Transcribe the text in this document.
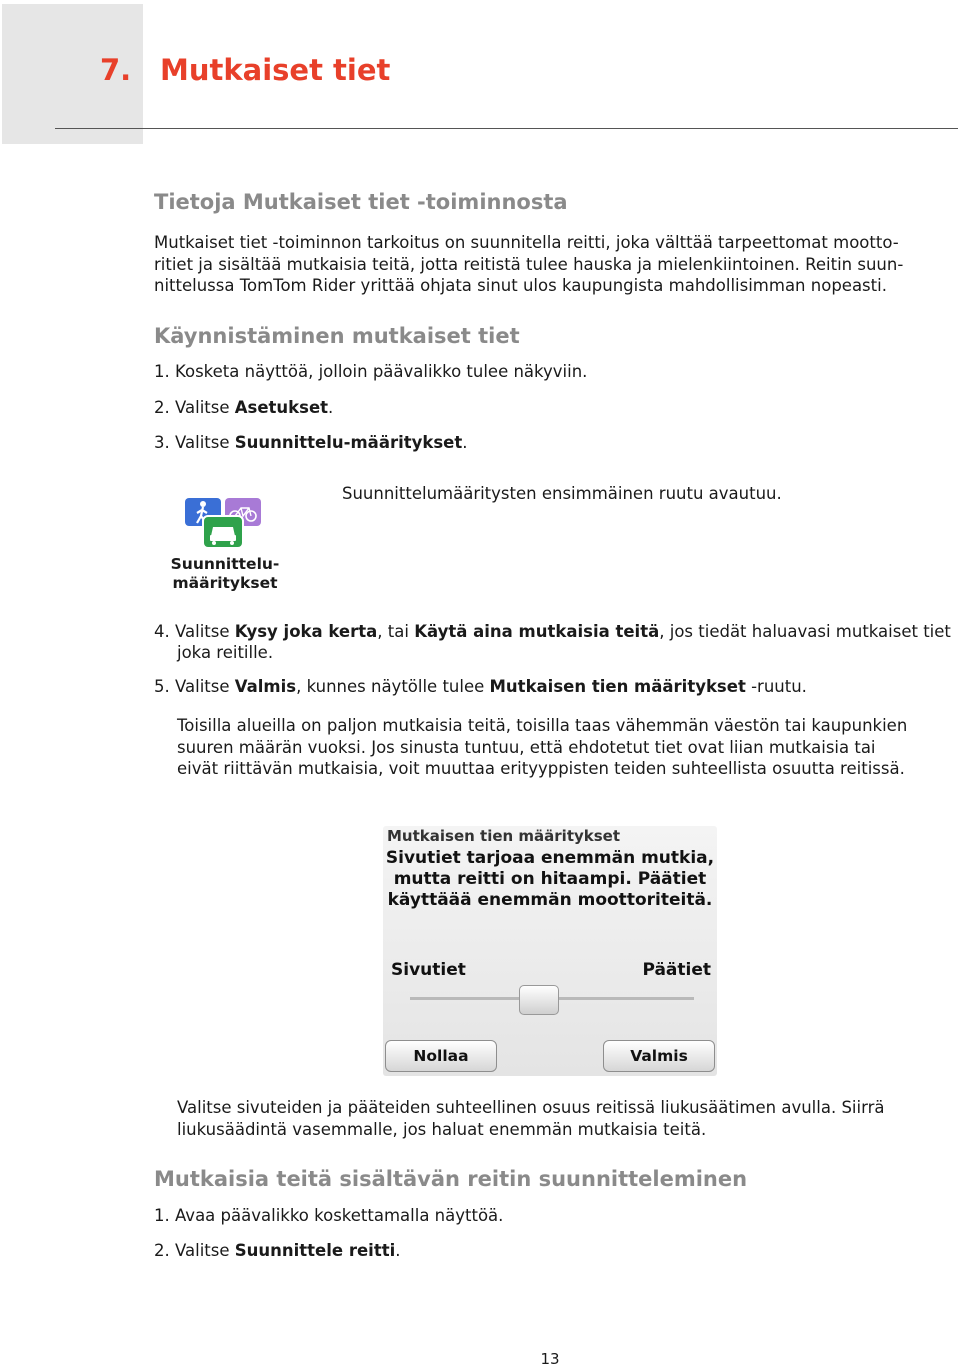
7. Mutkaiset tiet
Tietoja Mutkaiset tiet -toiminnosta
Mutkaiset tiet -toiminnon tarkoitus on suunnitella reitti, joka välttää tarpeettomat mootto-
ritiet ja sisältää mutkaisia teitä, jotta reitistä tulee hauska ja mielenkiintoinen. Reitin suun-
nittelussa TomTom Rider yrittää ohjata sinut ulos kaupungista mahdollisimman nopeasti.
Käynnistäminen mutkaiset tiet
1. Kosketa näyttöä, jolloin päävalikko tulee näkyviin.
2. Valitse Asetukset.
3. Valitse Suunnittelu-määritykset.
Suunnittelu-
määritykset
Suunnittelumääritysten ensimmäinen ruutu avautuu.
4. Valitse Kysy joka kerta, tai Käytä aina mutkaisia teitä, jos tiedät haluavasi mutkaiset tiet
joka reitille.
5. Valitse Valmis, kunnes näytölle tulee Mutkaisen tien määritykset -ruutu.
Toisilla alueilla on paljon mutkaisia teitä, toisilla taas vähemmän väestön tai kaupunkien
suuren määrän vuoksi. Jos sinusta tuntuu, että ehdotetut tiet ovat liian mutkaisia tai
eivät riittävän mutkaisia, voit muuttaa erityyppisten teiden suhteellista osuutta reitissä.
Mutkaisen tien määritykset
Sivutiet tarjoaa enemmän mutkia,
mutta reitti on hitaampi. Päätiet
käyttäää enemmän moottoriteitä.
Sivutiet	Päätiet
Nollaa	Valmis
Valitse sivuteiden ja pääteiden suhteellinen osuus reitissä liukusäätimen avulla. Siirrä
liukusäädintä vasemmalle, jos haluat enemmän mutkaisia teitä.
Mutkaisia teitä sisältävän reitin suunnitteleminen
1. Avaa päävalikko koskettamalla näyttöä.
2. Valitse Suunnittele reitti.
13
